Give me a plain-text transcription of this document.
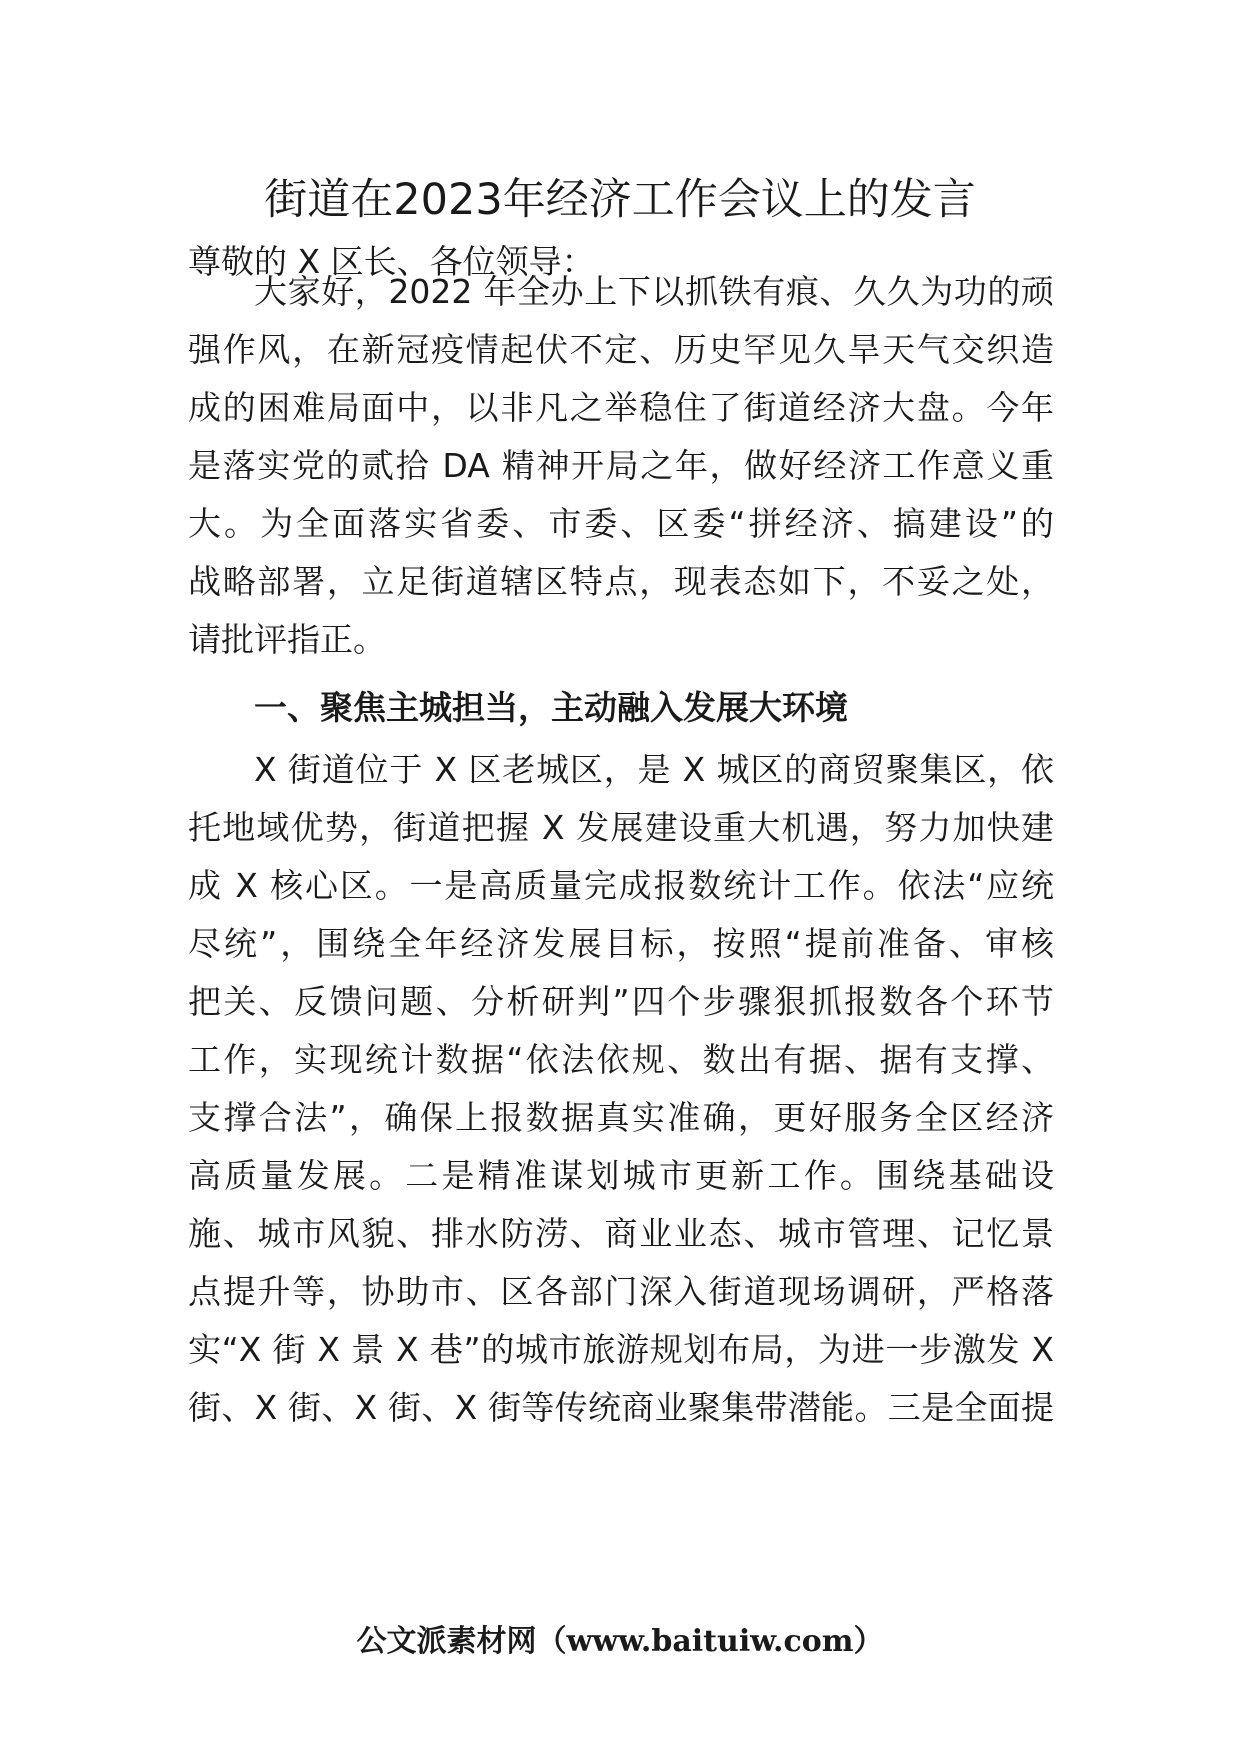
街道在2023年经济工作会议上的发言
尊敬的 X 区长、各位领导：
大家好，2022 年全办上下以抓铁有痕、久久为功的顽
强作风，在新冠疫情起伏不定、历史罕见久旱天气交织造
成的困难局面中，以非凡之举稳住了街道经济大盘。今年
是落实党的贰拾 DA 精神开局之年，做好经济工作意义重
大。为全面落实省委、市委、区委“拼经济、搞建设”的
战略部署，立足街道辖区特点，现表态如下，不妥之处，
请批评指正。
一、聚焦主城担当，主动融入发展大环境
X 街道位于 X 区老城区，是 X 城区的商贸聚集区，依
托地域优势，街道把握 X 发展建设重大机遇，努力加快建
成 X 核心区。一是高质量完成报数统计工作。依法“应统
尽统”，围绕全年经济发展目标，按照“提前准备、审核
把关、反馈问题、分析研判”四个步骤狠抓报数各个环节
工作，实现统计数据“依法依规、数出有据、据有支撑、
支撑合法”，确保上报数据真实准确，更好服务全区经济
高质量发展。二是精准谋划城市更新工作。围绕基础设
施、城市风貌、排水防涝、商业业态、城市管理、记忆景
点提升等，协助市、区各部门深入街道现场调研，严格落
实“X 街 X 景 X 巷”的城市旅游规划布局，为进一步激发 X
街、X 街、X 街、X 街等传统商业聚集带潜能。三是全面提
公文派素材网（www.baituiw.com）
